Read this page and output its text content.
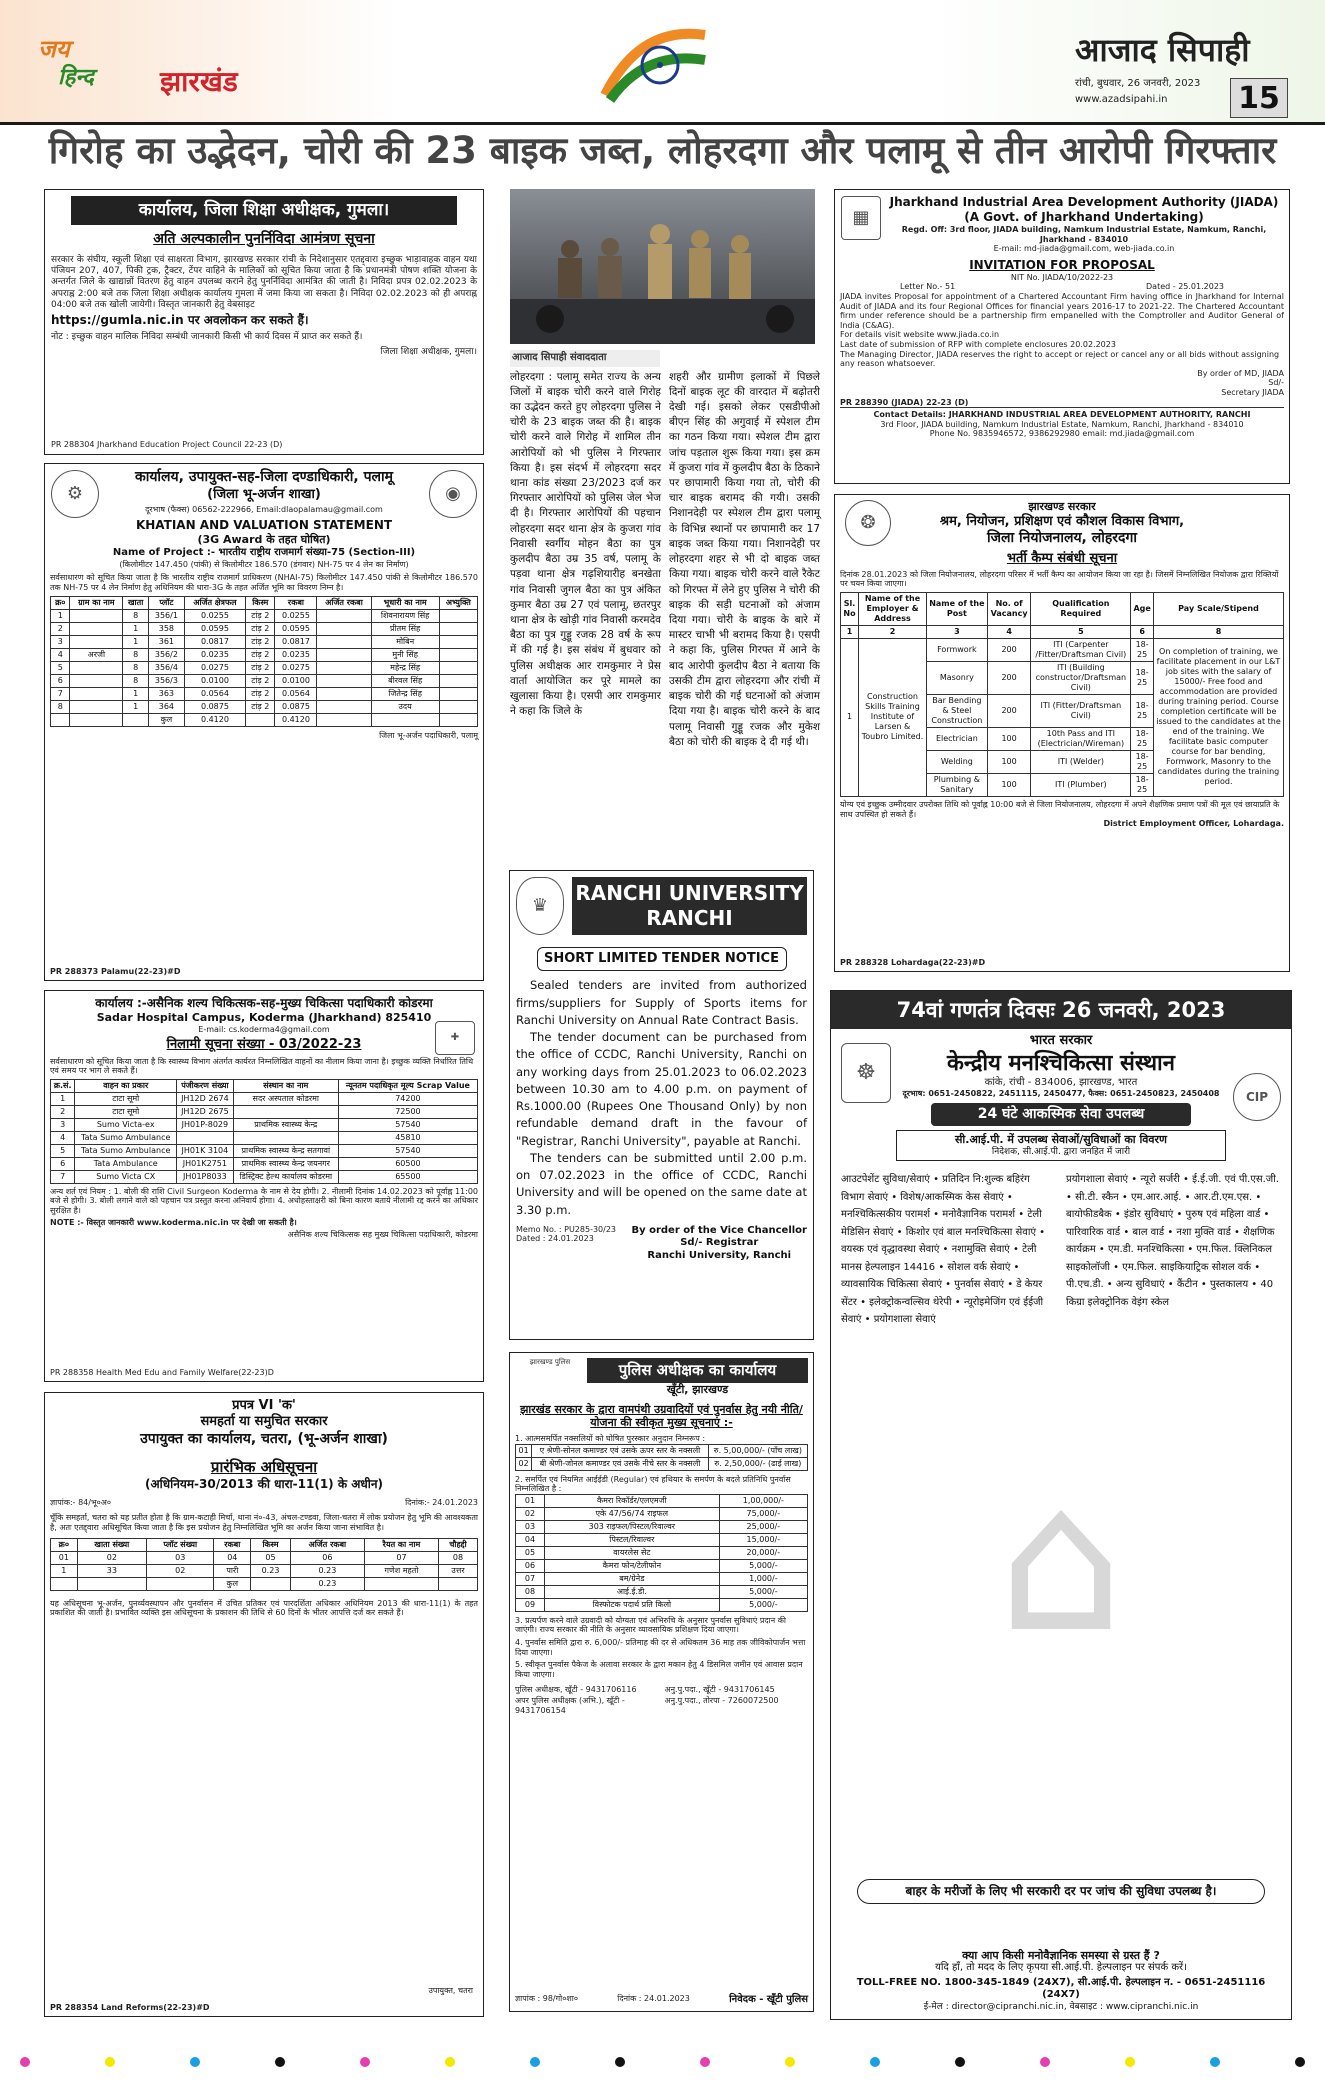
जय
हिन्द झारखंड
आजाद सिपाही
रांची, बुधवार, 26 जनवरी, 2023
www.azadsipahi.in 15
गिरोह का उद्भेदन, चोरी की 23 बाइक जब्त, लोहरदगा और पलामू से तीन आरोपी गिरफ्तार
कार्यालय, जिला शिक्षा अधीक्षक, गुमला।
अति अल्पकालीन पुनर्निविदा आमंत्रण सूचना

सरकार के संघीय, स्कूली शिक्षा एवं साक्षरता विभाग, झारखण्ड सरकार रांची के निदेशानुसार एतद्द्वारा इच्छुक भाड़ावाहक वाहन यथा पंजियन 207, 407, पिकी ट्रक, ट्रैक्टर, टेंपर वाहिने के मालिकों को सूचित किया जाता है कि प्रधानमंत्री पोषण शक्ति योजना के अन्तर्गत जिले के खाद्यान्नों वितरण हेतु वाहन उपलब्ध कराने हेतु पुनर्निविदा आमंत्रित की जाती है। निविदा प्रपत्र 02.02.2023 के अपराह्न 2:00 बजे तक जिला शिक्षा अधीक्षक कार्यालय गुमला में जमा किया जा सकता है। निविदा 02.02.2023 को ही अपराह्न 04:00 बजे तक खोली जायेगी। विस्तृत जानकारी हेतु वेबसाइट

https://gumla.nic.in पर अवलोकन कर सकते हैं।

नोट : इच्छुक वाहन मालिक निविदा सम्बंधी जानकारी किसी भी कार्य दिवस में प्राप्त कर सकते हैं।

जिला शिक्षा अधीक्षक, गुमला।

PR 288304 Jharkhand Education Project Council 22-23 (D)

⚙	◉
कार्यालय, उपायुक्त-सह-जिला दण्डाधिकारी, पलामू
(जिला भू-अर्जन शाखा)
दूरभाष (फैक्स) 06562-222966, Email:dlaopalamau@gmail.com
KHATIAN AND VALUATION STATEMENT
(3G Award के तहत घोषित)
Name of Project :- भारतीय राष्ट्रीय राजमार्ग संख्या-75 (Section-III)
(किलोमीटर 147.450 (पांकी) से किलोमीटर 186.570 (डंगवार) NH-75 पर 4 लेन का निर्माण)

सर्वसाधारण को सूचित किया जाता है कि भारतीय राष्ट्रीय राजमार्ग प्राधिकरण (NHAI-75) किलोमीटर 147.450 पांकी से किलोमीटर 186.570 तक NH-75 पर 4 लेन निर्माण हेतु अधिनियम की धारा-3G के तहत अर्जित भूमि का विवरण निम्न है।

क्र०	ग्राम का नाम	खाता	प्लॉट	अर्जित क्षेत्रफल	किस्म	रकबा	अर्जित रकबा	भूधारी का नाम	अभ्युक्ति
1		8	356/1	0.0255	टांड़ 2	0.0255		शिवनारायण सिंह	
2		1	358	0.0595	टांड़ 2	0.0595		प्रीतम सिंह	
3		1	361	0.0817	टांड़ 2	0.0817		मोबिन	
4	अरजी	8	356/2	0.0235	टांड़ 2	0.0235		मुनी सिंह	
5		8	356/4	0.0275	टांड़ 2	0.0275		महेन्द्र सिंह	
6		8	356/3	0.0100	टांड़ 2	0.0100		बीरवल सिंह	
7		1	363	0.0564	टांड़ 2	0.0564		जितेन्द्र सिंह	
8		1	364	0.0875	टांड़ 2	0.0875		उदय	
			कुल	0.4120		0.4120			

जिला भू-अर्जन पदाधिकारी, पलामू

PR 288373 Palamu(22-23)#D

कार्यालय :-असैनिक शल्य चिकित्सक-सह-मुख्य चिकित्सा पदाधिकारी कोडरमा
Sadar Hospital Campus, Koderma (Jharkhand) 825410
✚
E-mail: cs.koderma4@gmail.com
निलामी सूचना संख्या - 03/2022-23

सर्वसाधारण को सूचित किया जाता है कि स्वास्थ्य विभाग अंतर्गत कार्यरत निम्नलिखित वाहनों का नीलाम किया जाना है। इच्छुक व्यक्ति निर्धारित तिथि एवं समय पर भाग ले सकते हैं।

क्र.सं.	वाहन का प्रकार	पंजीकरण संख्या	संस्थान का नाम	न्यूनतम पदाधिकृत मूल्य Scrap Value
1	टाटा सूमो	JH12D 2674	सदर अस्पताल कोडरमा	74200
2	टाटा सूमो	JH12D 2675		72500
3	Sumo Victa-ex	JH01P-8029	प्राथमिक स्वास्थ्य केन्द्र	57540
4	Tata Sumo Ambulance			45810
5	Tata Sumo Ambulance	JH01K 3104	प्राथमिक स्वास्थ्य केन्द्र सतगावां	57540
6	Tata Ambulance	JH01K2751	प्राथमिक स्वास्थ्य केन्द्र जयनगर	60500
7	Sumo Victa CX	JH01P8033	डिस्ट्रिक्ट हेल्थ कार्यालय कोडरमा	65500

अन्य शर्त एवं नियम : 1. बोली की राशि Civil Surgeon Koderma के नाम से देय होगी। 2. नीलामी दिनांक 14.02.2023 को पूर्वाह्न 11:00 बजे से होगी। 3. बोली लगाने वाले को पहचान पत्र प्रस्तुत करना अनिवार्य होगा। 4. अधोहस्ताक्षरी को बिना कारण बताये नीलामी रद्द करने का अधिकार सुरक्षित है।

NOTE :- विस्तृत जानकारी www.koderma.nic.in पर देखी जा सकती है।

असैनिक शल्य चिकित्सक सह मुख्य चिकित्सा पदाधिकारी, कोडरमा

PR 288358 Health Med Edu and Family Welfare(22-23)D

प्रपत्र VI 'क'
समहर्ता या समुचित सरकार
उपायुक्त का कार्यालय, चतरा, (भू-अर्जन शाखा)
प्रारंभिक अधिसूचना
(अधिनियम-30/2013 की धारा-11(1) के अधीन)
ज्ञापांक:- 84/भू०अ०	दिनांक:- 24.01.2023

चूँकि समहर्ता, चतरा को यह प्रतीत होता है कि ग्राम-कटाही मिर्चा, थाना नं०-43, अंचल-टण्डवा, जिला-चतरा में लोक प्रयोजन हेतु भूमि की आवश्यकता है, अतः एतद्द्वारा अधिसूचित किया जाता है कि इस प्रयोजन हेतु निम्नलिखित भूमि का अर्जन किया जाना संभावित है।

क्र०	खाता संख्या	प्लॉट संख्या	रकबा	किस्म	अर्जित रकबा	रैयत का नाम	चौहद्दी
01	02	03	04	05	06	07	08
1	33	02	पारी	0.23	0.23	गणेश महतो	उत्तर
			कुल		0.23		

यह अधिसूचना भू-अर्जन, पुनर्व्यवस्थापन और पुनर्वासन में उचित प्रतिकर एवं पारदर्शिता अधिकार अधिनियम 2013 की धारा-11(1) के तहत प्रकाशित की जाती है। प्रभावित व्यक्ति इस अधिसूचना के प्रकाशन की तिथि से 60 दिनों के भीतर आपत्ति दर्ज कर सकते हैं।

उपायुक्त, चतरा

PR 288354 Land Reforms(22-23)#D

आजाद सिपाही संवाददाता

लोहरदगा : पलामू समेत राज्य के अन्य जिलों में बाइक चोरी करने वाले गिरोह का उद्भेदन करते हुए लोहरदगा पुलिस ने चोरी के 23 बाइक जब्त की है। बाइक चोरी करने वाले गिरोह में शामिल तीन आरोपियों को भी पुलिस ने गिरफ्तार किया है। इस संदर्भ में लोहरदगा सदर थाना कांड संख्या 23/2023 दर्ज कर गिरफ्तार आरोपियों को पुलिस जेल भेज दी है। गिरफ्तार आरोपियों की पहचान लोहरदगा सदर थाना क्षेत्र के कुजरा गांव निवासी स्वर्गीय मोहन बैठा का पुत्र कुलदीप बैठा उम्र 35 वर्ष, पलामू के पड़वा थाना क्षेत्र गढ़शियारीह बनखेता गांव निवासी जुगल बैठा का पुत्र अंकित कुमार बैठा उम्र 27 एवं पलामू, छतरपुर थाना क्षेत्र के खोड़ी गांव निवासी करमदेव बैठा का पुत्र गुड्डू रजक 28 वर्ष के रूप में की गई है। इस संबंध में बुधवार को पुलिस अधीक्षक आर रामकुमार ने प्रेस वार्ता आयोजित कर पूरे मामले का खुलासा किया है। एसपी आर रामकुमार ने कहा कि जिले के

शहरी और ग्रामीण इलाकों में पिछले दिनों बाइक लूट की वारदात में बढ़ोतरी देखी गई। इसको लेकर एसडीपीओ बीएन सिंह की अगुवाई में स्पेशल टीम का गठन किया गया। स्पेशल टीम द्वारा जांच पड़ताल शुरू किया गया। इस क्रम में कुजरा गांव में कुलदीप बैठा के ठिकाने पर छापामारी किया गया तो, चोरी की चार बाइक बरामद की गयी। उसकी निशानदेही पर स्पेशल टीम द्वारा पलामू के विभिन्न स्थानों पर छापामारी कर 17 बाइक जब्त किया गया। निशानदेही पर लोहरदगा शहर से भी दो बाइक जब्त किया गया। बाइक चोरी करने वाले रैकेट को गिरफ्त में लेने हुए पुलिस ने चोरी की बाइक की सड़ी घटनाओं को अंजाम दिया गया। चोरी के बाइक के बारे में मास्टर चाभी भी बरामद किया है। एसपी ने कहा कि, पुलिस गिरफ्त में आने के बाद आरोपी कुलदीप बैठा ने बताया कि उसकी टीम द्वारा लोहरदगा और रांची में बाइक चोरी की गई घटनाओं को अंजाम दिया गया है। बाइक चोरी करने के बाद पलामू निवासी गुड्डू रजक और मुकेश बैठा को चोरी की बाइक दे दी गई थी।

♛
RANCHI UNIVERSITY
RANCHI
SHORT LIMITED TENDER NOTICE

Sealed tenders are invited from authorized firms/suppliers for Supply of Sports items for Ranchi University on Annual Rate Contract Basis.

The tender document can be purchased from the office of CCDC, Ranchi University, Ranchi on any working days from 25.01.2023 to 06.02.2023 between 10.30 am to 4.00 p.m. on payment of Rs.1000.00 (Rupees One Thousand Only) by non refundable demand draft in the favour of "Registrar, Ranchi University", payable at Ranchi.

The tenders can be submitted until 2.00 p.m. on 07.02.2023 in the office of CCDC, Ranchi University and will be opened on the same date at 3.30 p.m.

Memo No. : PU285-30/23

Dated : 24.01.2023

By order of the Vice Chancellor

Sd/- Registrar

Ranchi University, Ranchi

झारखण्ड पुलिस	पुलिस अधीक्षक का कार्यालय
खूँटी, झारखण्ड
झारखंड सरकार के द्वारा वामपंथी उग्रवादियों एवं पुनर्वास हेतु नयी नीति/योजना की स्वीकृत मुख्य सूचनाएं :-

1. आत्मसमर्पित नक्सलियों को घोषित पुरस्कार अनुदान निम्नरूप :

01	ए श्रेणी-सोनल कमाण्डर एवं उसके ऊपर स्तर के नक्सली	रु. 5,00,000/- (पाँच लाख)
02	बी श्रेणी-जोनल कमाण्डर एवं उसके नीचे स्तर के नक्सली	रु. 2,50,000/- (ढाई लाख)

2. समर्पित एवं नियमित आईईडी (Regular) एवं हथियार के समर्पण के बदले प्रतिनिधि पुनर्वास निम्नलिखित है :

01	कैमरा रिकॉर्डर/एलएमजी	1,00,000/-
02	एके 47/56/74 राइफल	75,000/-
03	303 राइफल/पिस्टल/रिवाल्वर	25,000/-
04	पिस्टल/रिवाल्वर	15,000/-
05	वायरलेस सेट	20,000/-
06	कैमरा फोन/टेलीफोन	5,000/-
07	बम/ग्रेनेड	1,000/-
08	आई.ई.डी.	5,000/-
09	विस्फोटक पदार्थ प्रति किलो	5,000/-

3. प्रत्यर्पण करने वाले उग्रवादी को योग्यता एवं अभिरुचि के अनुसार पुनर्वास सुविधाएं प्रदान की जाएंगी। राज्य सरकार की नीति के अनुसार व्यावसायिक प्रशिक्षण दिया जाएगा।

4. पुनर्वास समिति द्वारा रु. 6,000/- प्रतिमाह की दर से अधिकतम 36 माह तक जीविकोपार्जन भत्ता दिया जाएगा।

5. स्वीकृत पुनर्वास पैकेज के अलावा सरकार के द्वारा मकान हेतु 4 डिसमिल जमीन एवं आवास प्रदान किया जाएगा।

पुलिस अधीक्षक, खूँटी - 9431706116	अनु.पु.पदा., खूँटी - 9431706145

अपर पुलिस अधीक्षक (अभि.), खूँटी - 9431706154

अनु.पु.पदा., तोरपा - 7260072500

ज्ञापांक : 98/गो०शा०	दिनांक : 24.01.2023	निवेदक - खूँटी पुलिस
▦
Jharkhand Industrial Area Development Authority (JIADA)
(A Govt. of Jharkhand Undertaking)
Regd. Off: 3rd floor, JIADA building, Namkum Industrial Estate, Namkum, Ranchi, Jharkhand - 834010
E-mail: md-jiada@gmail.com, web-jiada.co.in
INVITATION FOR PROPOSAL
NIT No. JIADA/10/2022-23
Letter No.- 51	Dated - 25.01.2023

JIADA invites Proposal for appointment of a Chartered Accountant Firm having office in Jharkhand for Internal Audit of JIADA and its four Regional Offices for financial years 2016-17 to 2021-22. The Chartered Accountant firm under reference should be a partnership firm empanelled with the Comptroller and Auditor General of India (C&AG).

For details visit website www.jiada.co.in

Last date of submission of RFP with complete enclosures 20.02.2023

The Managing Director, JIADA reserves the right to accept or reject or cancel any or all bids without assigning any reason whatsoever.

By order of MD, JIADA

Sd/-

Secretary JIADA

PR 288390 (JIADA) 22-23 (D)

Contact Details: JHARKHAND INDUSTRIAL AREA DEVELOPMENT AUTHORITY, RANCHI

3rd Floor, JIADA building, Namkum Industrial Estate, Namkum, Ranchi, Jharkhand - 834010

Phone No. 9835946572, 9386292980 email: md.jiada@gmail.com

❂
झारखण्ड सरकार
श्रम, नियोजन, प्रशिक्षण एवं कौशल विकास विभाग,
जिला नियोजनालय, लोहरदगा
भर्ती कैम्प संबंधी सूचना

दिनांक 28.01.2023 को जिला नियोजनालय, लोहरदगा परिसर में भर्ती कैम्प का आयोजन किया जा रहा है। जिसमें निम्नलिखित नियोजक द्वारा रिक्तियों पर चयन किया जाएगा।

Sl. No	Name of the Employer & Address	Name of the Post	No. of Vacancy	Qualification Required	Age	Pay Scale/Stipend
1	2	3	4	5	6	8
1	Construction Skills Training Institute of Larsen & Toubro Limited.	Formwork	200	ITI (Carpenter /Fitter/Draftsman Civil)	18-25	On completion of training, we facilitate placement in our L&T job sites with the salary of 15000/- Free food and accommodation are provided during training period. Course completion certificate will be issued to the candidates at the end of the training. We facilitate basic computer course for bar bending, Formwork, Masonry to the candidates during the training period.
		Masonry	200	ITI (Building constructor/Draftsman Civil)	18-25	
		Bar Bending & Steel Construction	200	ITI (Fitter/Draftsman Civil)	18-25	
		Electrician	100	10th Pass and ITI (Electrician/Wireman)	18-25	
		Welding	100	ITI (Welder)	18-25	
		Plumbing & Sanitary	100	ITI (Plumber)	18-25	

योग्य एवं इच्छुक उम्मीदवार उपरोक्त तिथि को पूर्वाह्न 10:00 बजे से जिला नियोजनालय, लोहरदगा में अपने शैक्षणिक प्रमाण पत्रों की मूल एवं छायाप्रति के साथ उपस्थित हो सकते हैं।

District Employment Officer, Lohardaga.

PR 288328 Lohardaga(22-23)#D

74वां गणतंत्र दिवसः 26 जनवरी, 2023
☸
CIP
भारत सरकार
केन्द्रीय मनश्चिकित्सा संस्थान
कांके, रांची - 834006, झारखण्ड, भारत
दूरभाष: 0651-2450822, 2451115, 2450477, फैक्स: 0651-2450823, 2450408
24 घंटे आकस्मिक सेवा उपलब्ध
सी.आई.पी. में उपलब्ध सेवाओं/सुविधाओं का विवरण
निदेशक, सी.आई.पी. द्वारा जनहित में जारी
⌂

आउटपेशेंट सुविधा/सेवाएं • प्रतिदिन नि:शुल्क बहिरंग विभाग सेवाएं • विशेष/आकस्मिक केस सेवाएं • मनश्चिकित्सकीय परामर्श • मनोवैज्ञानिक परामर्श • टेली मेडिसिन सेवाएं • किशोर एवं बाल मनश्चिकित्सा सेवाएं • वयस्क एवं वृद्धावस्था सेवाएं • नशामुक्ति सेवाएं • टेली मानस हेल्पलाइन 14416 • सोशल वर्क सेवाएं • व्यावसायिक चिकित्सा सेवाएं • पुनर्वास सेवाएं • डे केयर सेंटर • इलेक्ट्रोकन्वल्सिव थेरेपी • न्यूरोइमेजिंग एवं ईईजी सेवाएं • प्रयोगशाला सेवाएं

प्रयोगशाला सेवाएं • न्यूरो सर्जरी • ई.ई.जी. एवं पी.एस.जी. • सी.टी. स्कैन • एम.आर.आई. • आर.टी.एम.एस. • बायोफीडबैक • इंडोर सुविधाएं • पुरुष एवं महिला वार्ड • पारिवारिक वार्ड • बाल वार्ड • नशा मुक्ति वार्ड • शैक्षणिक कार्यक्रम • एम.डी. मनश्चिकित्सा • एम.फिल. क्लिनिकल साइकोलॉजी • एम.फिल. साइकियाट्रिक सोशल वर्क • पी.एच.डी. • अन्य सुविधाएं • कैंटीन • पुस्तकालय • 40 किग्रा इलेक्ट्रोनिक वेइंग स्केल

बाहर के मरीजों के लिए भी सरकारी दर पर जांच की सुविधा उपलब्ध है।

क्या आप किसी मनोवैज्ञानिक समस्या से ग्रस्त हैं ?

यदि हाँ, तो मदद के लिए कृपया सी.आई.पी. हेल्पलाइन पर संपर्क करें।

TOLL-FREE NO. 1800-345-1849 (24X7), सी.आई.पी. हेल्पलाइन न. - 0651-2451116 (24X7)

ई-मेल : director@cipranchi.nic.in, वेबसाइट : www.cipranchi.nic.in
